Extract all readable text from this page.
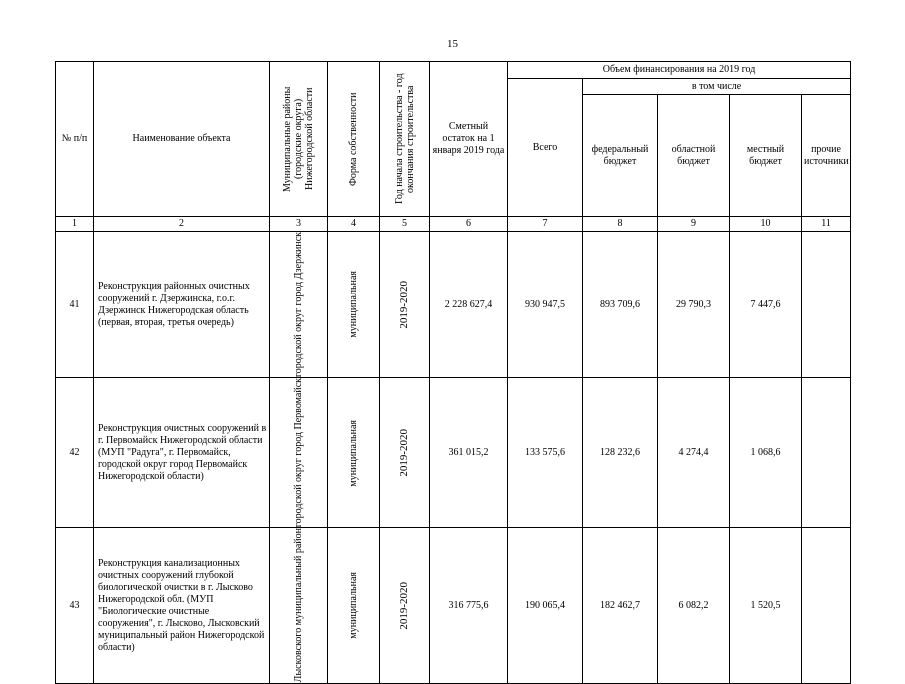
15
№ п/п	Наименование объекта	Муниципальные районы (городские округа) Нижегородской области	Форма собственности	Год начала строительства - год окончания строительства	Сметный остаток на 1 января 2019 года	Объем финансирования на 2019 год				
						Всего	в том числе			
							федеральный бюджет	областной бюджет	местный бюджет	прочие источники
1	2	3	4	5	6	7	8	9	10	11
41	Реконструкция районных очистных сооружений г. Дзержинска, г.о.г. Дзержинск Нижегородская область (первая, вторая, третья очередь)	городской округ город Дзержинск	муниципальная	2019-2020	2 228 627,4	930 947,5	893 709,6	29 790,3	7 447,6	
42	Реконструкция очистных сооружений в г. Первомайск Нижегородской области (МУП "Радуга", г. Первомайск, городской округ город Первомайск Нижегородской области)	городской округ город Первомайск	муниципальная	2019-2020	361 015,2	133 575,6	128 232,6	4 274,4	1 068,6	
43	Реконструкция канализационных очистных сооружений глубокой биологической очистки в г. Лысково Нижегородской обл. (МУП "Биологические очистные сооружения", г. Лысково, Лысковский муниципальный район Нижегородской области)	Лысковского муниципальный район	муниципальная	2019-2020	316 775,6	190 065,4	182 462,7	6 082,2	1 520,5	
